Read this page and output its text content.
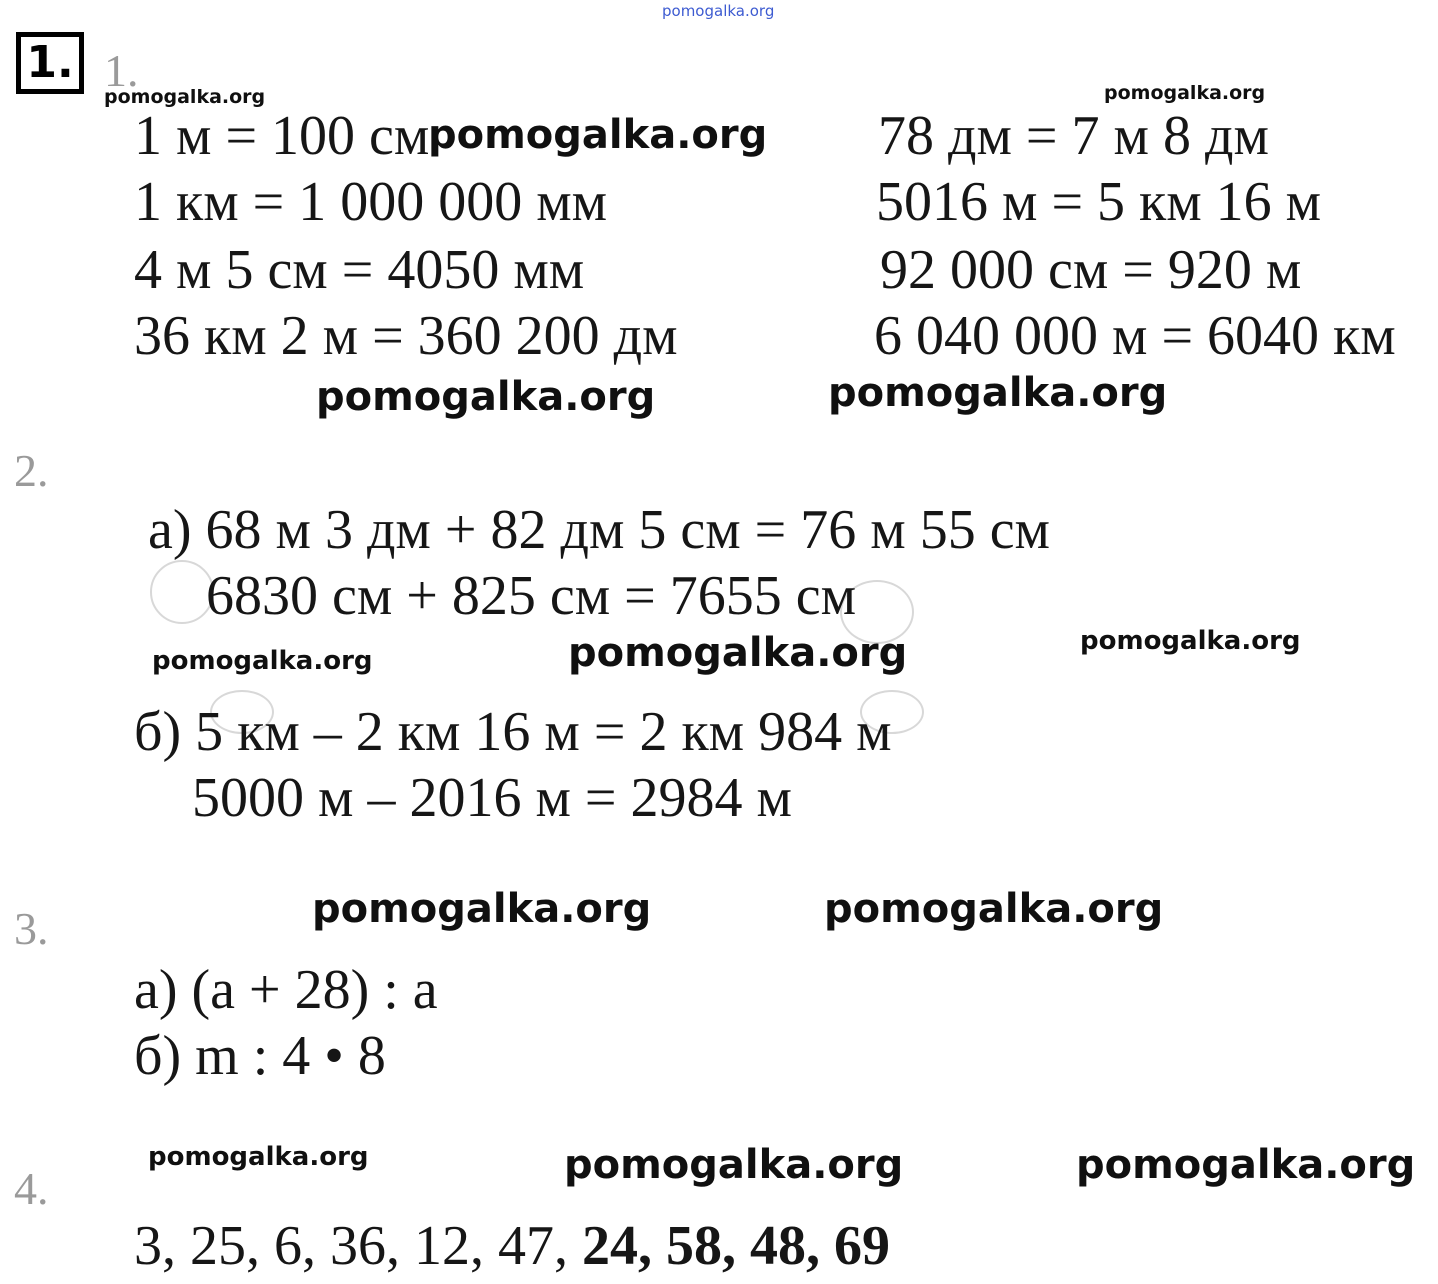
pomogalka.org
1. 1.
2.
3.
4.
1 м = 100 см
1 км = 1 000 000 мм
4 м 5 см = 4050 мм
36 км 2 м = 360 200 дм
78 дм = 7 м 8 дм
5016 м = 5 км 16 м
92 000 см = 920 м
6 040 000 м = 6040 км
а) 68 м 3 дм + 82 дм 5 см = 76 м 55 см
6830 см + 825 см = 7655 см
б) 5 км – 2 км 16 м = 2 км 984 м
5000 м – 2016 м = 2984 м
а) (a + 28) : a
б) m : 4 • 8
3, 25, 6, 36, 12, 47, 24, 58, 48, 69
pomogalka.org	pomogalka.org
pomogalka.org
pomogalka.org	pomogalka.org
pomogalka.org	pomogalka.org	pomogalka.org
pomogalka.org	pomogalka.org
pomogalka.org	pomogalka.org	pomogalka.org
